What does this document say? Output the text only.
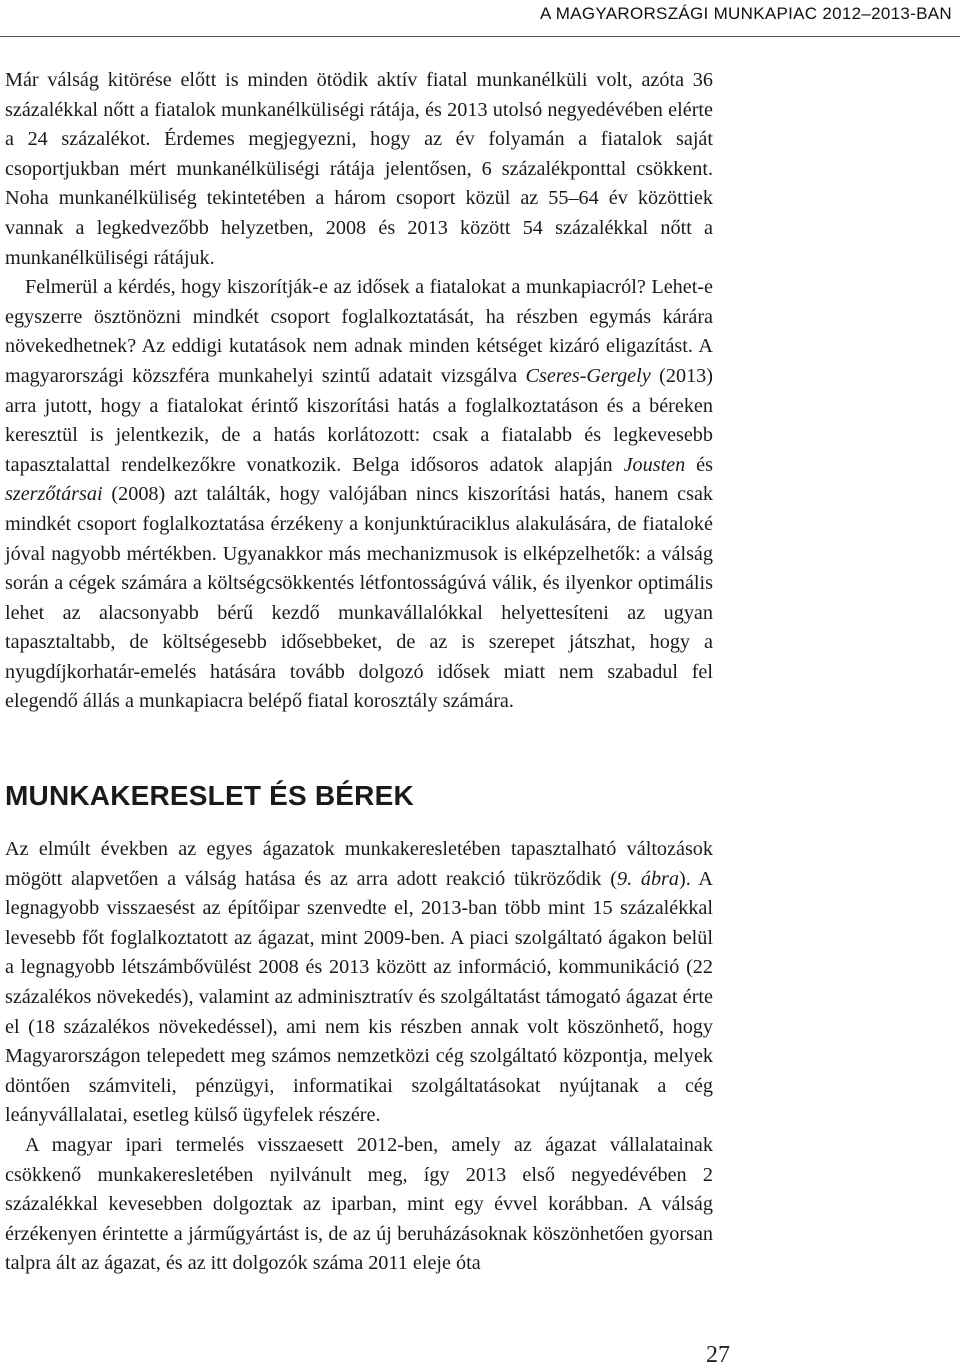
A MAGYARORSZÁGI MUNKAPIAC 2012–2013-BAN

Már válság kitörése előtt is minden ötödik aktív fiatal munkanélküli volt, azóta 36 százalékkal nőtt a fiatalok munkanélküliségi rátája, és 2013 utolsó negyedévében elérte a 24 százalékot. Érdemes megjegyezni, hogy az év folyamán a fiatalok saját csoportjukban mért munkanélküliségi rátája jelentősen, 6 százalékponttal csökkent. Noha munkanélküliség tekintetében a három csoport közül az 55–64 év közöttiek vannak a legkedvezőbb helyzetben, 2008 és 2013 között 54 százalékkal nőtt a munkanélküliségi rátájuk.

Felmerül a kérdés, hogy kiszorítják-e az idősek a fiatalokat a munkapiacról? Lehet-e egyszerre ösztönözni mindkét csoport foglalkoztatását, ha részben egymás kárára növekedhetnek? Az eddigi kutatások nem adnak minden kétséget kizáró eligazítást. A magyarországi közszféra munkahelyi szintű adatait vizsgálva Cseres-Gergely (2013) arra jutott, hogy a fiatalokat érintő kiszorítási hatás a foglalkoztatáson és a béreken keresztül is jelentkezik, de a hatás korlátozott: csak a fiatalabb és legkevesebb tapasztalattal rendelkezőkre vonatkozik. Belga idősoros adatok alapján Jousten és szerzőtársai (2008) azt találták, hogy valójában nincs kiszorítási hatás, hanem csak mindkét csoport foglalkoztatása érzékeny a konjunktúraciklus alakulására, de fiataloké jóval nagyobb mértékben. Ugyanakkor más mechanizmusok is elképzelhetők: a válság során a cégek számára a költségcsökkentés létfontosságúvá válik, és ilyenkor optimális lehet az alacsonyabb bérű kezdő munkavállalókkal helyettesíteni az ugyan tapasztaltabb, de költségesebb idősebbeket, de az is szerepet játszhat, hogy a nyugdíjkorhatár-emelés hatására tovább dolgozó idősek miatt nem szabadul fel elegendő állás a munkapiacra belépő fiatal korosztály számára.

MUNKAKERESLET ÉS BÉREK

Az elmúlt években az egyes ágazatok munkakeresletében tapasztalható változások mögött alapvetően a válság hatása és az arra adott reakció tükröződik (9. ábra). A legnagyobb visszaesést az építőipar szenvedte el, 2013-ban több mint 15 százalékkal levesebb főt foglalkoztatott az ágazat, mint 2009-ben. A piaci szolgáltató ágakon belül a legnagyobb létszámbővülést 2008 és 2013 között az információ, kommunikáció (22 százalékos növekedés), valamint az adminisztratív és szolgáltatást támogató ágazat érte el (18 százalékos növekedéssel), ami nem kis részben annak volt köszönhető, hogy Magyarországon telepedett meg számos nemzetközi cég szolgáltató központja, melyek döntően számviteli, pénzügyi, informatikai szolgáltatásokat nyújtanak a cég leányvállalatai, esetleg külső ügyfelek részére.

A magyar ipari termelés visszaesett 2012-ben, amely az ágazat vállalatainak csökkenő munkakeresletében nyilvánult meg, így 2013 első negyedévében 2 százalékkal kevesebben dolgoztak az iparban, mint egy évvel korábban. A válság érzékenyen érintette a járműgyártást is, de az új beruházásoknak köszönhetően gyorsan talpra ált az ágazat, és az itt dolgozók száma 2011 eleje óta

27
